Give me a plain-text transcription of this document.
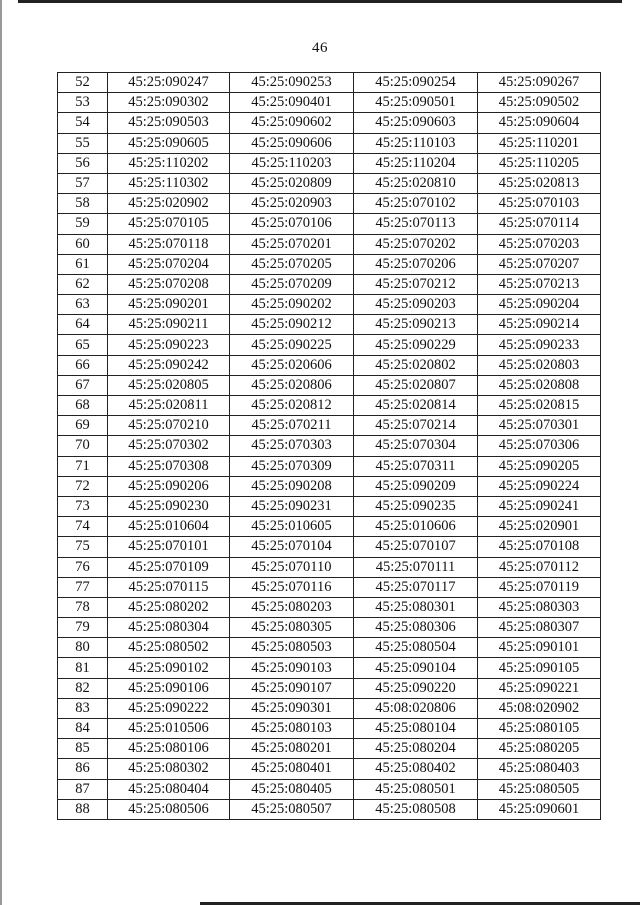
46
52	45:25:090247	45:25:090253	45:25:090254	45:25:090267
53	45:25:090302	45:25:090401	45:25:090501	45:25:090502
54	45:25:090503	45:25:090602	45:25:090603	45:25:090604
55	45:25:090605	45:25:090606	45:25:110103	45:25:110201
56	45:25:110202	45:25:110203	45:25:110204	45:25:110205
57	45:25:110302	45:25:020809	45:25:020810	45:25:020813
58	45:25:020902	45:25:020903	45:25:070102	45:25:070103
59	45:25:070105	45:25:070106	45:25:070113	45:25:070114
60	45:25:070118	45:25:070201	45:25:070202	45:25:070203
61	45:25:070204	45:25:070205	45:25:070206	45:25:070207
62	45:25:070208	45:25:070209	45:25:070212	45:25:070213
63	45:25:090201	45:25:090202	45:25:090203	45:25:090204
64	45:25:090211	45:25:090212	45:25:090213	45:25:090214
65	45:25:090223	45:25:090225	45:25:090229	45:25:090233
66	45:25:090242	45:25:020606	45:25:020802	45:25:020803
67	45:25:020805	45:25:020806	45:25:020807	45:25:020808
68	45:25:020811	45:25:020812	45:25:020814	45:25:020815
69	45:25:070210	45:25:070211	45:25:070214	45:25:070301
70	45:25:070302	45:25:070303	45:25:070304	45:25:070306
71	45:25:070308	45:25:070309	45:25:070311	45:25:090205
72	45:25:090206	45:25:090208	45:25:090209	45:25:090224
73	45:25:090230	45:25:090231	45:25:090235	45:25:090241
74	45:25:010604	45:25:010605	45:25:010606	45:25:020901
75	45:25:070101	45:25:070104	45:25:070107	45:25:070108
76	45:25:070109	45:25:070110	45:25:070111	45:25:070112
77	45:25:070115	45:25:070116	45:25:070117	45:25:070119
78	45:25:080202	45:25:080203	45:25:080301	45:25:080303
79	45:25:080304	45:25:080305	45:25:080306	45:25:080307
80	45:25:080502	45:25:080503	45:25:080504	45:25:090101
81	45:25:090102	45:25:090103	45:25:090104	45:25:090105
82	45:25:090106	45:25:090107	45:25:090220	45:25:090221
83	45:25:090222	45:25:090301	45:08:020806	45:08:020902
84	45:25:010506	45:25:080103	45:25:080104	45:25:080105
85	45:25:080106	45:25:080201	45:25:080204	45:25:080205
86	45:25:080302	45:25:080401	45:25:080402	45:25:080403
87	45:25:080404	45:25:080405	45:25:080501	45:25:080505
88	45:25:080506	45:25:080507	45:25:080508	45:25:090601
